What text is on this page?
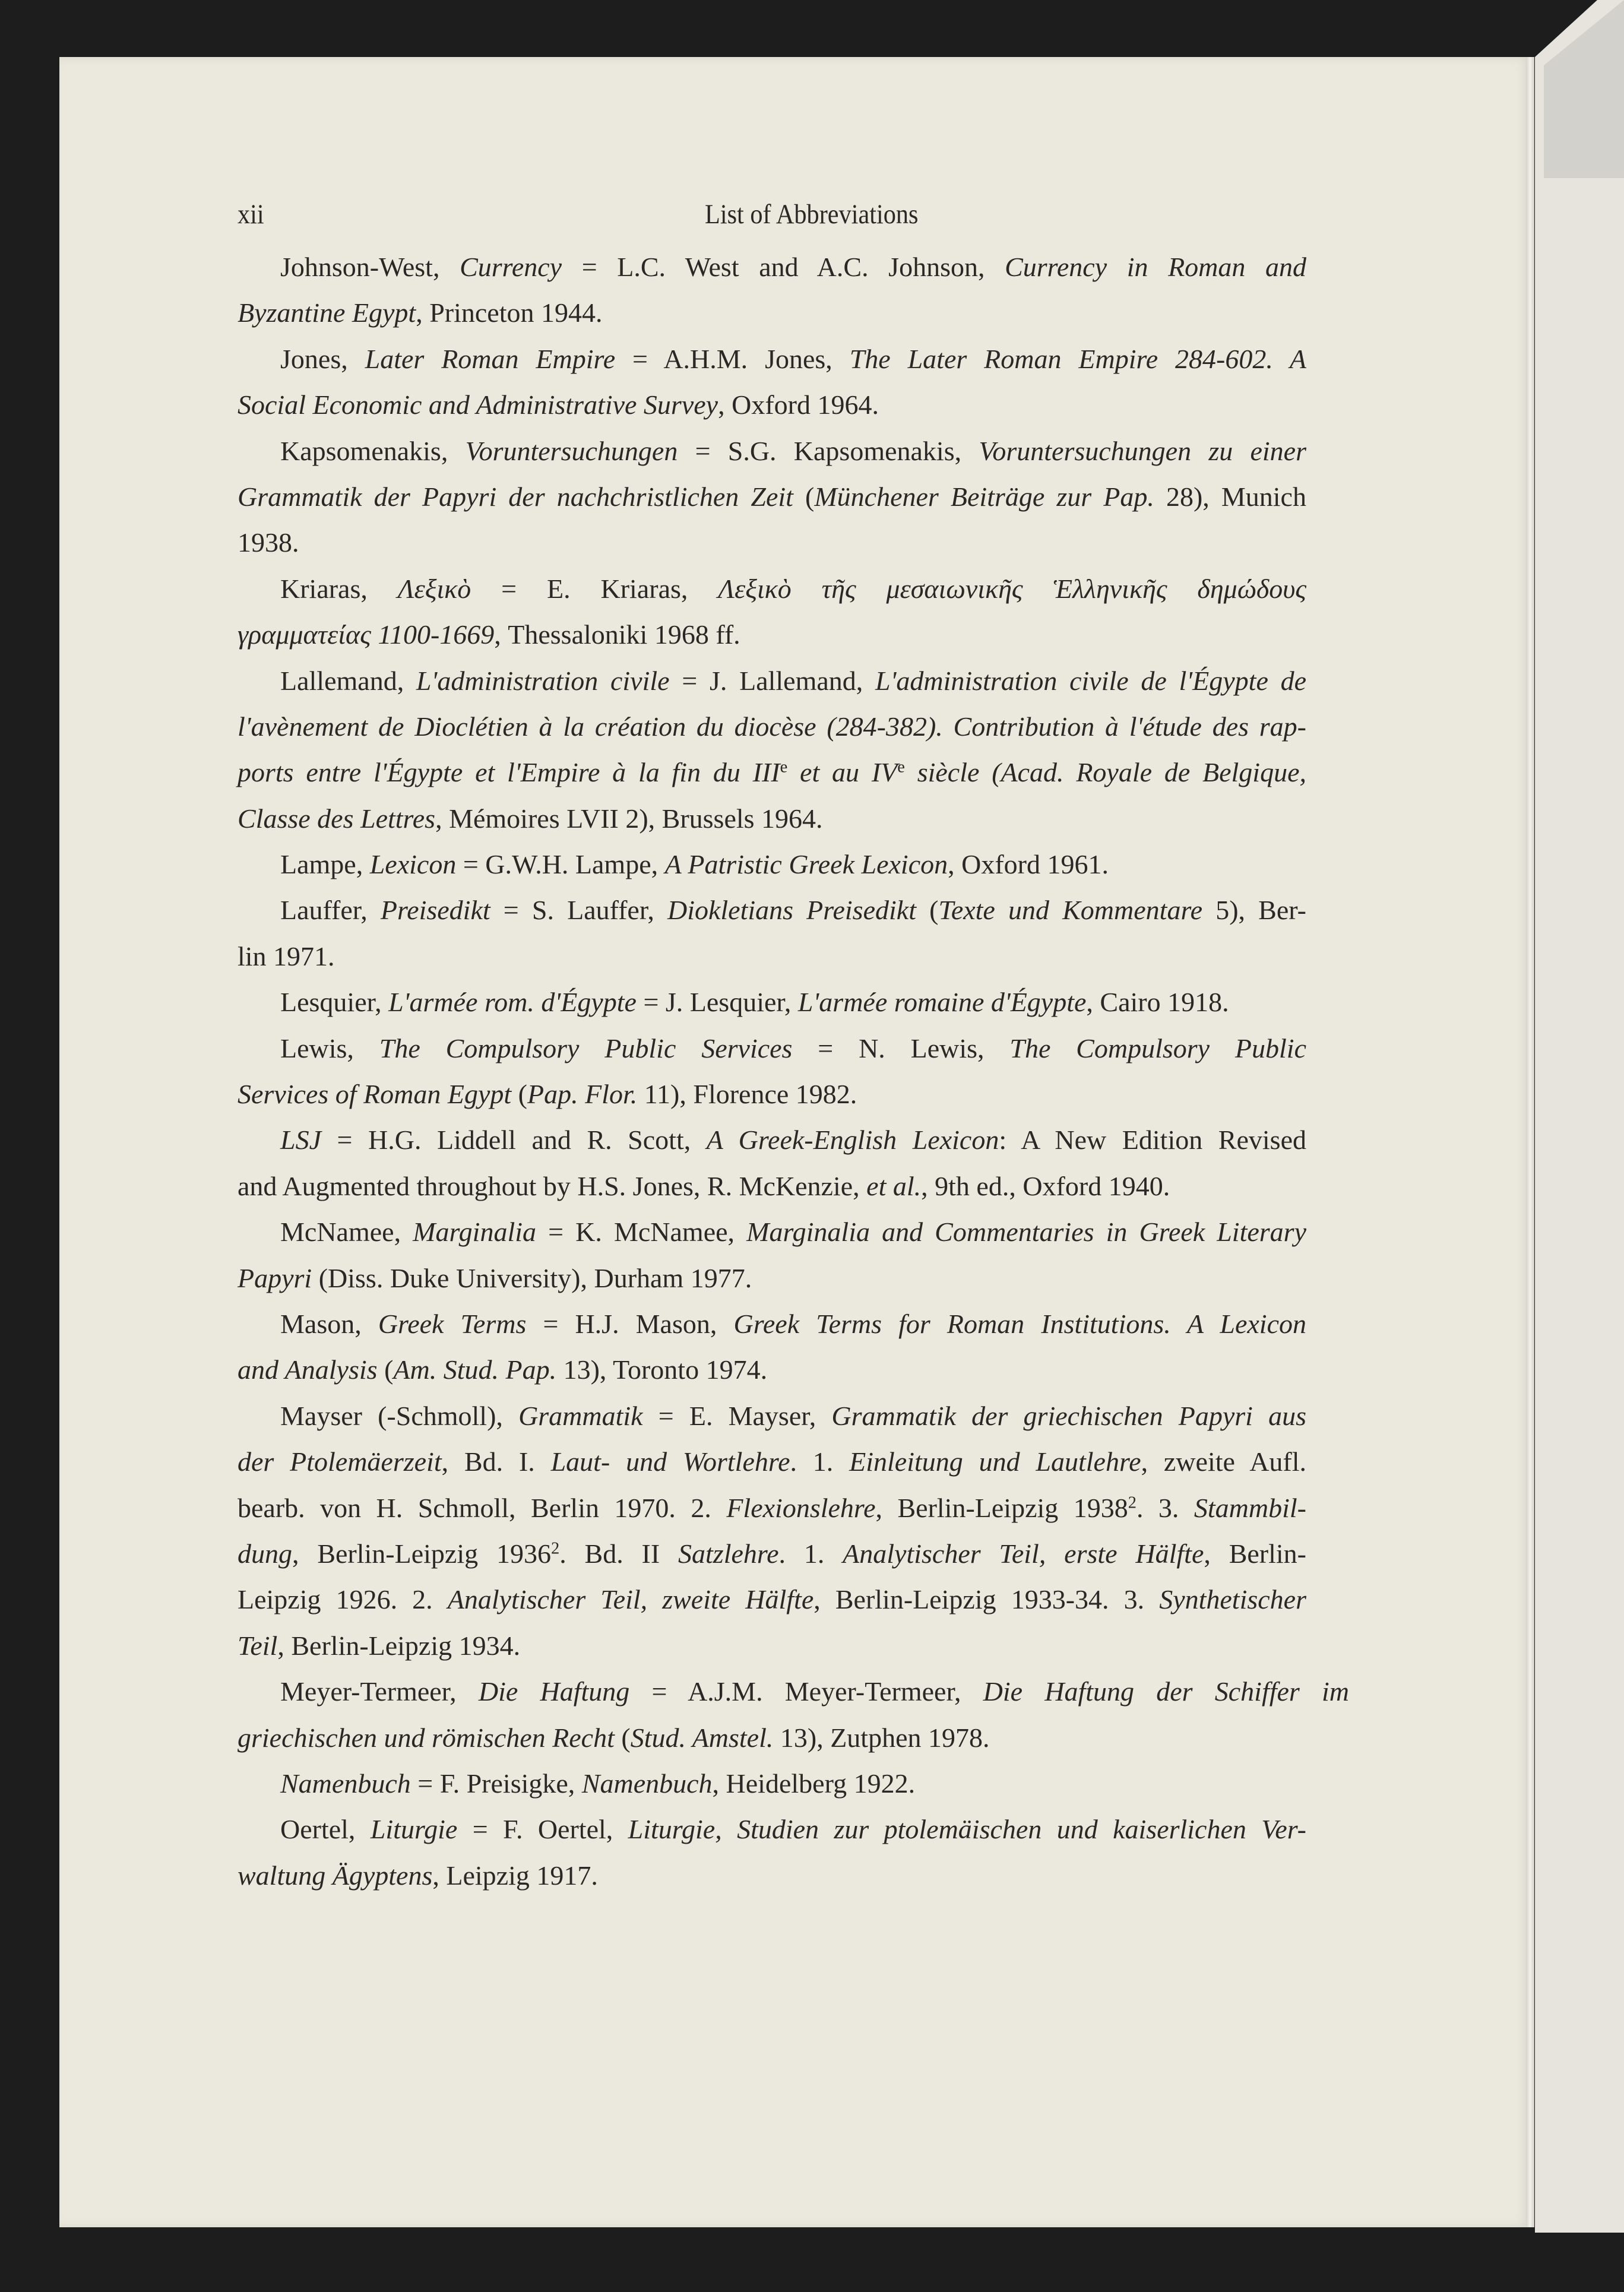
xii	List of Abbreviations
Johnson-West, Currency = L.C. West and A.C. Johnson, Currency in Roman and
Byzantine Egypt, Princeton 1944.
Jones, Later Roman Empire = A.H.M. Jones, The Later Roman Empire 284-602. A
Social Economic and Administrative Survey, Oxford 1964.
Kapsomenakis, Voruntersuchungen = S.G. Kapsomenakis, Voruntersuchungen zu einer
Grammatik der Papyri der nachchristlichen Zeit (Münchener Beiträge zur Pap. 28), Munich
1938.
Kriaras, Λεξικὸ = E. Kriaras, Λεξικὸ τῆς μεσαιωνικῆς Ἑλληνικῆς δημώδους
γραμματείας 1100-1669, Thessaloniki 1968 ff.
Lallemand, L'administration civile = J. Lallemand, L'administration civile de l'Égypte de
l'avènement de Dioclétien à la création du diocèse (284-382). Contribution à l'étude des rap-
ports entre l'Égypte et l'Empire à la fin du IIIe et au IVe siècle (Acad. Royale de Belgique,
Classe des Lettres, Mémoires LVII 2), Brussels 1964.
Lampe, Lexicon = G.W.H. Lampe, A Patristic Greek Lexicon, Oxford 1961.
Lauffer, Preisedikt = S. Lauffer, Diokletians Preisedikt (Texte und Kommentare 5), Ber-
lin 1971.
Lesquier, L'armée rom. d'Égypte = J. Lesquier, L'armée romaine d'Égypte, Cairo 1918.
Lewis, The Compulsory Public Services = N. Lewis, The Compulsory Public
Services of Roman Egypt (Pap. Flor. 11), Florence 1982.
LSJ = H.G. Liddell and R. Scott, A Greek-English Lexicon: A New Edition Revised
and Augmented throughout by H.S. Jones, R. McKenzie, et al., 9th ed., Oxford 1940.
McNamee, Marginalia = K. McNamee, Marginalia and Commentaries in Greek Literary
Papyri (Diss. Duke University), Durham 1977.
Mason, Greek Terms = H.J. Mason, Greek Terms for Roman Institutions. A Lexicon
and Analysis (Am. Stud. Pap. 13), Toronto 1974.
Mayser (-Schmoll), Grammatik = E. Mayser, Grammatik der griechischen Papyri aus
der Ptolemäerzeit, Bd. I. Laut- und Wortlehre. 1. Einleitung und Lautlehre, zweite Aufl.
bearb. von H. Schmoll, Berlin 1970. 2. Flexionslehre, Berlin-Leipzig 1938$^2$. 3. Stammbil-
dung, Berlin-Leipzig 1936$^2$. Bd. II Satzlehre. 1. Analytischer Teil, erste Hälfte, Berlin-
Leipzig 1926. 2. Analytischer Teil, zweite Hälfte, Berlin-Leipzig 1933-34. 3. Synthetischer
Teil, Berlin-Leipzig 1934.
Meyer-Termeer, Die Haftung = A.J.M. Meyer-Termeer, Die Haftung der Schiffer im
griechischen und römischen Recht (Stud. Amstel. 13), Zutphen 1978.
Namenbuch = F. Preisigke, Namenbuch, Heidelberg 1922.
Oertel, Liturgie = F. Oertel, Liturgie, Studien zur ptolemäischen und kaiserlichen Ver-
waltung Ägyptens, Leipzig 1917.
